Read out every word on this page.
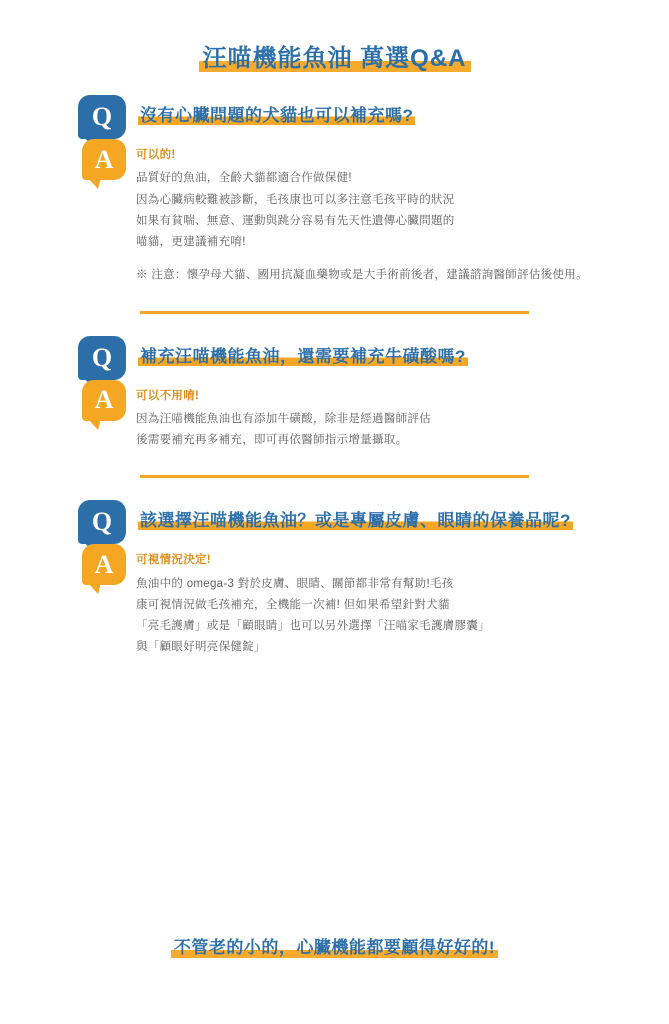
汪喵機能魚油 萬選Q&A
Q 沒有心臟問題的犬貓也可以補充嗎?
A 可以的!

品質好的魚油，全齡犬貓都適合作做保健!

因為心臟病較難被診斷，毛孩康也可以多注意毛孩平時的狀況

如果有貧喘、無意、運動與跳分容易有先天性遺傳心臟問題的

喵貓，更建議補充唷!

※ 注意：懷孕母犬貓、國用抗凝血藥物或是大手術前後者，建議諮詢醫師評估後使用。
Q 補充汪喵機能魚油，還需要補充牛磺酸嗎?
A 可以不用唷!

因為汪喵機能魚油也有添加牛磺酸，除非是經過醫師評估

後需要補充再多補充，即可再依醫師指示增量攝取。

Q 該選擇汪喵機能魚油？或是專屬皮膚、眼睛的保養品呢?
A 可視情況決定!

魚油中的 omega-3 對於皮膚、眼睛、關節都非常有幫助!毛孩

康可視情況做毛孩補充，全機能一次補! 但如果希望針對犬貓

「亮毛護膚」或是「顧眼睛」也可以另外選擇「汪喵家毛護膚膠囊」

與「顧眼好明亮保健錠」

不管老的小的，心臟機能都要顧得好好的!
